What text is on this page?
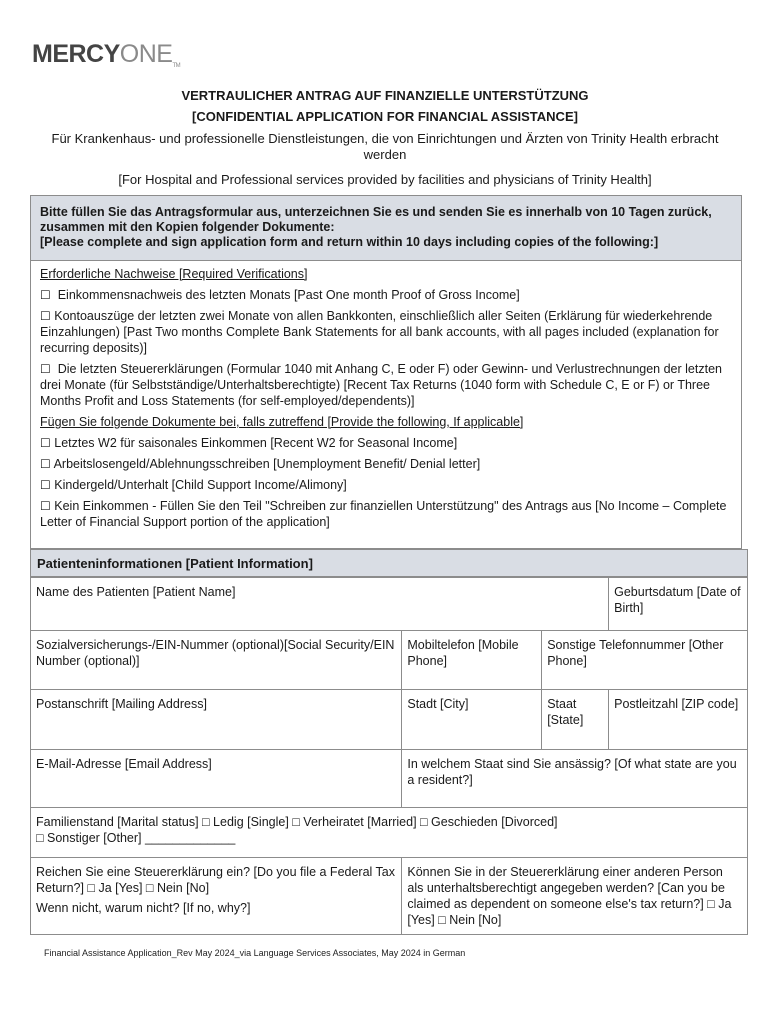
MERCYONETM
VERTRAULICHER ANTRAG AUF FINANZIELLE UNTERSTÜTZUNG
[CONFIDENTIAL APPLICATION FOR FINANCIAL ASSISTANCE]
Für Krankenhaus- und professionelle Dienstleistungen, die von Einrichtungen und Ärzten von Trinity Health erbracht werden
[For Hospital and Professional services provided by facilities and physicians of Trinity Health]
Bitte füllen Sie das Antragsformular aus, unterzeichnen Sie es und senden Sie es innerhalb von 10 Tagen zurück, zusammen mit den Kopien folgender Dokumente:
[Please complete and sign application form and return within 10 days including copies of the following:]

Erforderliche Nachweise [Required Verifications]

☐ Einkommensnachweis des letzten Monats [Past One month Proof of Gross Income]

☐ Kontoauszüge der letzten zwei Monate von allen Bankkonten, einschließlich aller Seiten (Erklärung für wiederkehrende Einzahlungen) [Past Two months Complete Bank Statements for all bank accounts, with all pages included (explanation for recurring deposits)]

☐ Die letzten Steuererklärungen (Formular 1040 mit Anhang C, E oder F) oder Gewinn- und Verlustrechnungen der letzten drei Monate (für Selbstständige/Unterhaltsberechtigte) [Recent Tax Returns (1040 form with Schedule C, E or F) or Three Months Profit and Loss Statements (for self-employed/dependents)]

Fügen Sie folgende Dokumente bei, falls zutreffend [Provide the following, If applicable]

☐ Letztes W2 für saisonales Einkommen [Recent W2 for Seasonal Income]

☐ Arbeitslosengeld/Ablehnungsschreiben [Unemployment Benefit/ Denial letter]

☐ Kindergeld/Unterhalt [Child Support Income/Alimony]

☐ Kein Einkommen - Füllen Sie den Teil "Schreiben zur finanziellen Unterstützung" des Antrags aus [No Income – Complete Letter of Financial Support portion of the application]

Patienteninformationen [Patient Information]
Name des Patienten [Patient Name]			Geburtsdatum [Date of Birth]
Sozialversicherungs-/EIN-Nummer (optional)[Social Security/EIN Number (optional)]	Mobiltelefon [Mobile Phone]	Sonstige Telefonnummer [Other Phone]	
Postanschrift [Mailing Address]	Stadt [City]	Staat [State]	Postleitzahl [ZIP code]
E-Mail-Adresse [Email Address]	In welchem Staat sind Sie ansässig? [Of what state are you a resident?]		

Familienstand [Marital status] □ Ledig [Single] □ Verheiratet [Married] □ Geschieden [Divorced]
□ Sonstiger [Other] _____________			

Reichen Sie eine Steuererklärung ein? [Do you file a Federal Tax Return?] □ Ja [Yes] □ Nein [No]
Wenn nicht, warum nicht? [If no, why?]	Können Sie in der Steuererklärung einer anderen Person als unterhaltsberechtigt angegeben werden? [Can you be claimed as dependent on someone else's tax return?] □ Ja [Yes] □ Nein [No]		
Financial Assistance Application_Rev May 2024_via Language Services Associates, May 2024 in German
